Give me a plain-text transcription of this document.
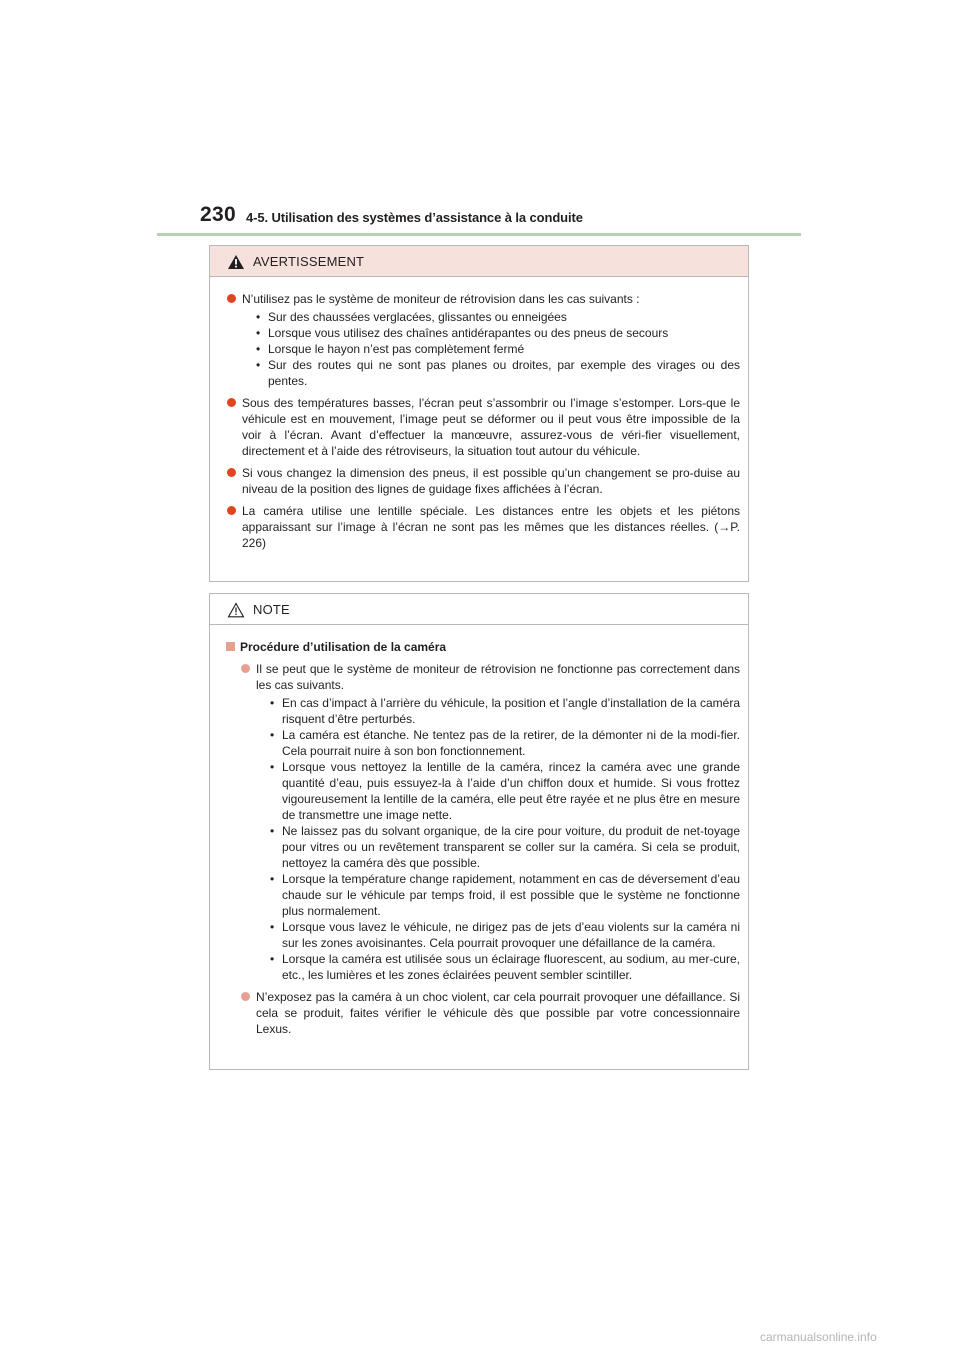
230 4-5. Utilisation des systèmes d’assistance à la conduite
AVERTISSEMENT
N’utilisez pas le système de moniteur de rétrovision dans les cas suivants :
• Sur des chaussées verglacées, glissantes ou enneigées
• Lorsque vous utilisez des chaînes antidérapantes ou des pneus de secours
• Lorsque le hayon n’est pas complètement fermé
• Sur des routes qui ne sont pas planes ou droites, par exemple des virages ou des pentes.
Sous des températures basses, l’écran peut s’assombrir ou l’image s’estomper. Lors-que le véhicule est en mouvement, l’image peut se déformer ou il peut vous être impossible de la voir à l’écran. Avant d’effectuer la manœuvre, assurez-vous de véri-fier visuellement, directement et à l’aide des rétroviseurs, la situation tout autour du véhicule.
Si vous changez la dimension des pneus, il est possible qu’un changement se pro-duise au niveau de la position des lignes de guidage fixes affichées à l’écran.
La caméra utilise une lentille spéciale. Les distances entre les objets et les piétons apparaissant sur l’image à l’écran ne sont pas les mêmes que les distances réelles. (→P. 226)
NOTE
Procédure d’utilisation de la caméra
Il se peut que le système de moniteur de rétrovision ne fonctionne pas correctement dans les cas suivants.
• En cas d’impact à l’arrière du véhicule, la position et l’angle d’installation de la caméra risquent d’être perturbés.
• La caméra est étanche. Ne tentez pas de la retirer, de la démonter ni de la modi-fier. Cela pourrait nuire à son bon fonctionnement.
• Lorsque vous nettoyez la lentille de la caméra, rincez la caméra avec une grande quantité d’eau, puis essuyez-la à l’aide d’un chiffon doux et humide. Si vous frottez vigoureusement la lentille de la caméra, elle peut être rayée et ne plus être en mesure de transmettre une image nette.
• Ne laissez pas du solvant organique, de la cire pour voiture, du produit de net-toyage pour vitres ou un revêtement transparent se coller sur la caméra. Si cela se produit, nettoyez la caméra dès que possible.
• Lorsque la température change rapidement, notamment en cas de déversement d’eau chaude sur le véhicule par temps froid, il est possible que le système ne fonctionne plus normalement.
• Lorsque vous lavez le véhicule, ne dirigez pas de jets d’eau violents sur la caméra ni sur les zones avoisinantes. Cela pourrait provoquer une défaillance de la caméra.
• Lorsque la caméra est utilisée sous un éclairage fluorescent, au sodium, au mer-cure, etc., les lumières et les zones éclairées peuvent sembler scintiller.
N’exposez pas la caméra à un choc violent, car cela pourrait provoquer une défaillance. Si cela se produit, faites vérifier le véhicule dès que possible par votre concessionnaire Lexus.
carmanualsonline.info
